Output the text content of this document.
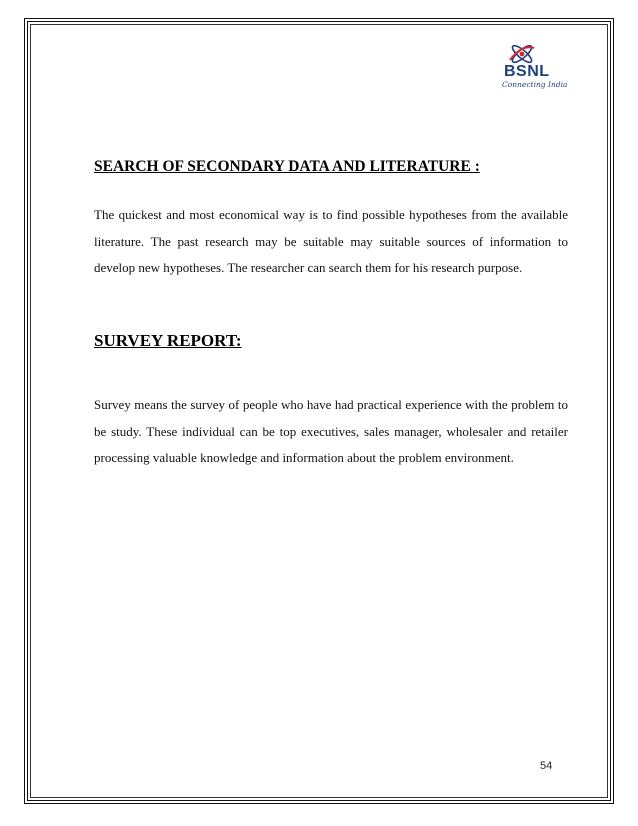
BSNL
Connecting India
SEARCH OF SECONDARY DATA AND LITERATURE :

The quickest and most economical way is to find possible hypotheses from the available literature. The past research may be suitable may suitable sources of information to develop new hypotheses. The researcher can search them for his research purpose.

SURVEY REPORT:

Survey means the survey of people who have had practical experience with the problem to be study. These individual can be top executives, sales manager, wholesaler and retailer processing valuable knowledge and information about the problem environment.

54
